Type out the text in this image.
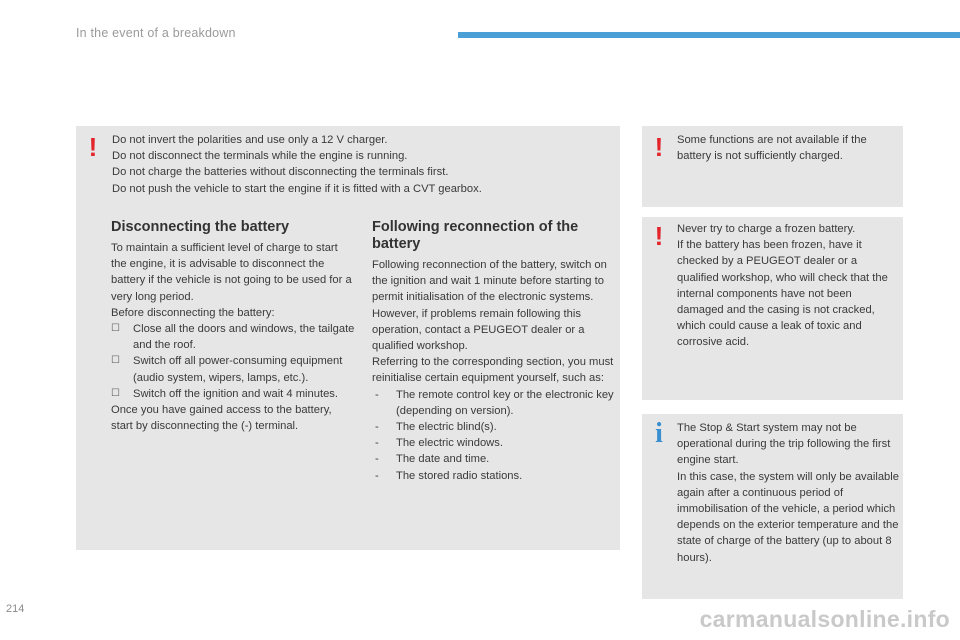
In the event of a breakdown
! Do not invert the polarities and use only a 12 V charger.
Do not disconnect the terminals while the engine is running.
Do not charge the batteries without disconnecting the terminals first.
Do not push the vehicle to start the engine if it is fitted with a CVT gearbox.
Disconnecting the battery
To maintain a sufficient level of charge to start the engine, it is advisable to disconnect the battery if the vehicle is not going to be used for a very long period.
Before disconnecting the battery:
☐	Close all the doors and windows, the tailgate and the roof.
☐	Switch off all power-consuming equipment (audio system, wipers, lamps, etc.).
☐	Switch off the ignition and wait 4 minutes.
Once you have gained access to the battery, start by disconnecting the (-) terminal.
Following reconnection of the battery
Following reconnection of the battery, switch on the ignition and wait 1 minute before starting to permit initialisation of the electronic systems.
However, if problems remain following this operation, contact a PEUGEOT dealer or a qualified workshop.
Referring to the corresponding section, you must reinitialise certain equipment yourself, such as:
- The remote control key or the electronic key (depending on version).
- The electric blind(s).
- The electric windows.
- The date and time.
- The stored radio stations.
! Some functions are not available if the battery is not sufficiently charged.
! Never try to charge a frozen battery.
If the battery has been frozen, have it checked by a PEUGEOT dealer or a qualified workshop, who will check that the internal components have not been damaged and the casing is not cracked, which could cause a leak of toxic and corrosive acid.
i The Stop & Start system may not be operational during the trip following the first engine start.
In this case, the system will only be available again after a continuous period of immobilisation of the vehicle, a period which depends on the exterior temperature and the state of charge of the battery (up to about 8 hours).
214	carmanualsonline.info
